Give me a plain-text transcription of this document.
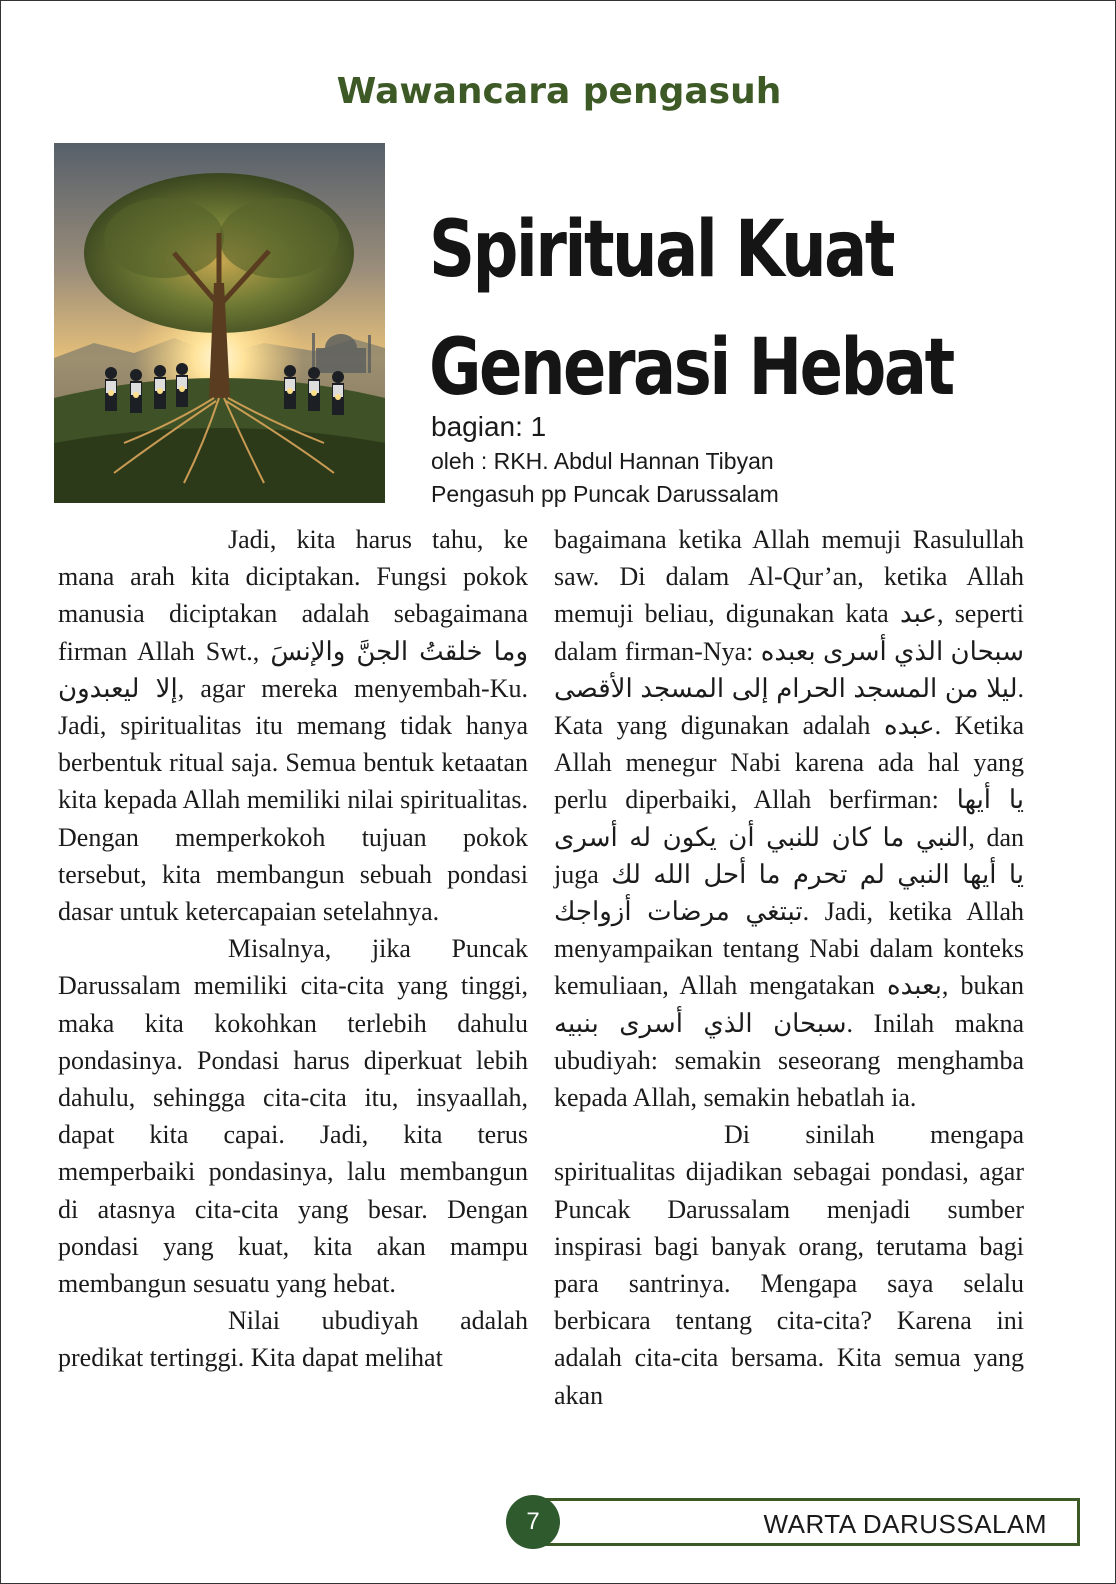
Wawancara pengasuh
Spiritual Kuat
Generasi Hebat
bagian: 1
oleh : RKH. Abdul Hannan Tibyan
Pengasuh pp Puncak Darussalam

Jadi, kita harus tahu, ke mana arah kita diciptakan. Fungsi pokok manusia diciptakan adalah sebagaimana firman Allah Swt., وما خلقتُ الجنَّ والإنسَ إلا ليعبدون, agar mereka menyembah-Ku. Jadi, spiritualitas itu memang tidak hanya berbentuk ritual saja. Semua bentuk ketaatan kita kepada Allah memiliki nilai spiritualitas. Dengan memperkokoh tujuan pokok tersebut, kita membangun sebuah pondasi dasar untuk ketercapaian setelahnya.

Misalnya, jika Puncak Darussalam memiliki cita-cita yang tinggi, maka kita kokohkan terlebih dahulu pondasinya. Pondasi harus diperkuat lebih dahulu, sehingga cita-cita itu, insyaallah, dapat kita capai. Jadi, kita terus memperbaiki pondasinya, lalu membangun di atasnya cita-cita yang besar. Dengan pondasi yang kuat, kita akan mampu membangun sesuatu yang hebat.

Nilai ubudiyah adalah predikat tertinggi. Kita dapat melihat

bagaimana ketika Allah memuji Rasulullah saw. Di dalam Al-Qur’an, ketika Allah memuji beliau, digunakan kata عبد, seperti dalam firman-Nya: سبحان الذي أسرى بعبده ليلا من المسجد الحرام إلى المسجد الأقصى. Kata yang digunakan adalah عبده. Ketika Allah menegur Nabi karena ada hal yang perlu diperbaiki, Allah berfirman: يا أيها النبي ما كان للنبي أن يكون له أسرى, dan juga يا أيها النبي لم تحرم ما أحل الله لك تبتغي مرضات أزواجك. Jadi, ketika Allah menyampaikan tentang Nabi dalam konteks kemuliaan, Allah mengatakan بعبده, bukan سبحان الذي أسرى بنبيه. Inilah makna ubudiyah: semakin seseorang menghamba kepada Allah, semakin hebatlah ia.

Di sinilah mengapa spiritualitas dijadikan sebagai pondasi, agar Puncak Darussalam menjadi sumber inspirasi bagi banyak orang, terutama bagi para santrinya. Mengapa saya selalu berbicara tentang cita-cita? Karena ini adalah cita-cita bersama. Kita semua yang akan

WARTA DARUSSALAM
7
